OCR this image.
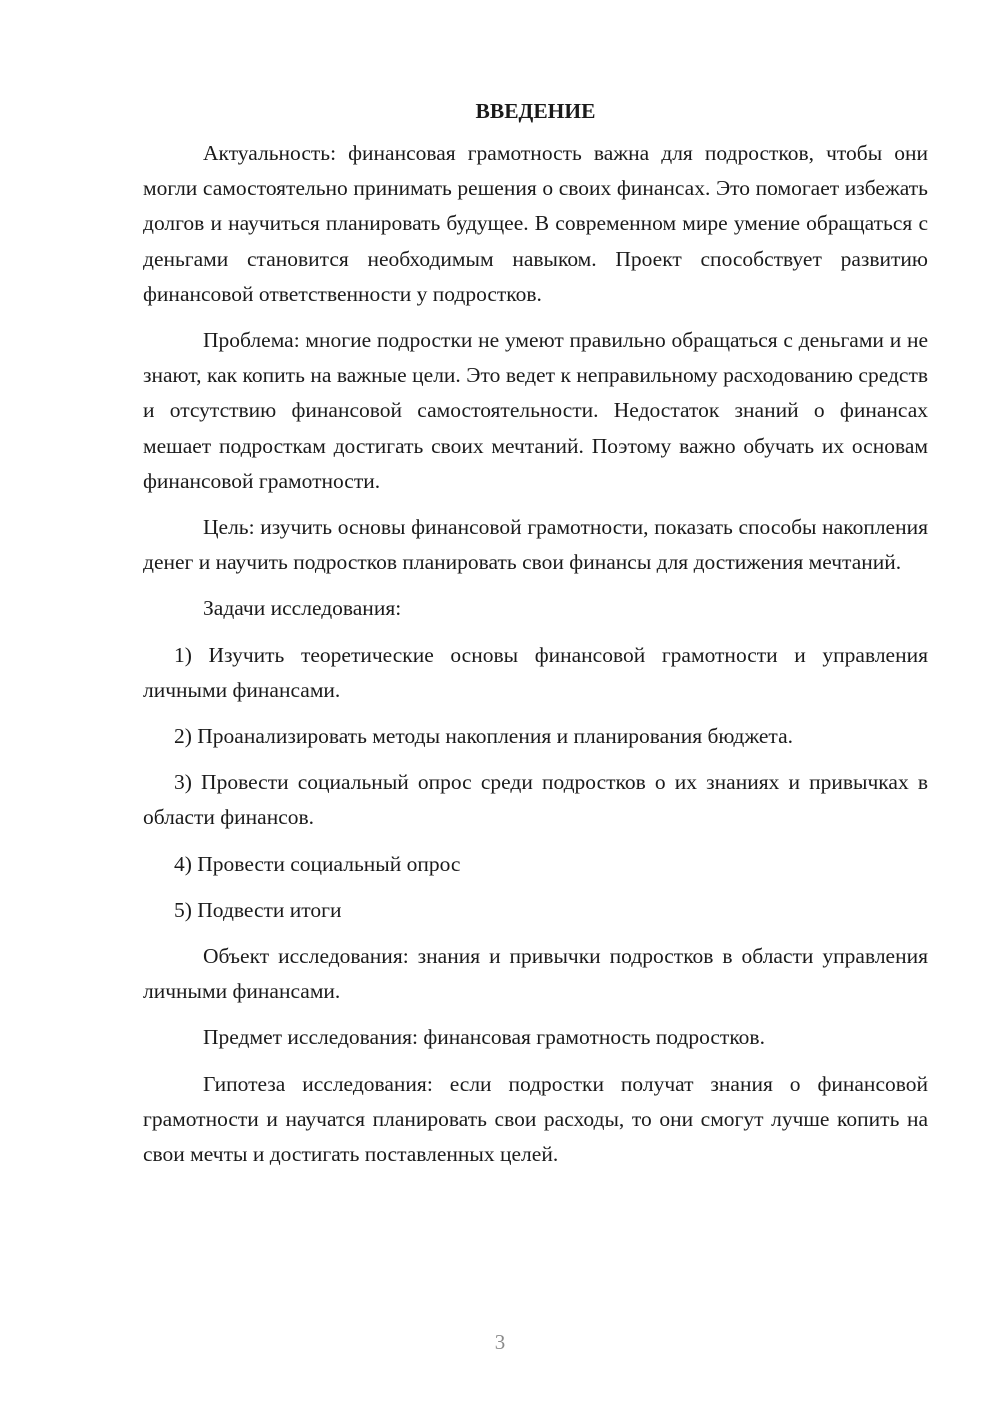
ВВЕДЕНИЕ

Актуальность: финансовая грамотность важна для подростков, чтобы они могли самостоятельно принимать решения о своих финансах. Это помогает избежать долгов и научиться планировать будущее. В современном мире умение обращаться с деньгами становится необходимым навыком. Проект способствует развитию финансовой ответственности у подростков.

Проблема: многие подростки не умеют правильно обращаться с деньгами и не знают, как копить на важные цели. Это ведет к неправильному расходованию средств и отсутствию финансовой самостоятельности. Недостаток знаний о финансах мешает подросткам достигать своих мечтаний. Поэтому важно обучать их основам финансовой грамотности.

Цель: изучить основы финансовой грамотности, показать способы накопления денег и научить подростков планировать свои финансы для достижения мечтаний.

Задачи исследования:

1) Изучить теоретические основы финансовой грамотности и управления личными финансами.

2) Проанализировать методы накопления и планирования бюджета.

3) Провести социальный опрос среди подростков о их знаниях и привычках в области финансов.

4) Провести социальный опрос

5) Подвести итоги

Объект исследования: знания и привычки подростков в области управления личными финансами.

Предмет исследования: финансовая грамотность подростков.

Гипотеза исследования: если подростки получат знания о финансовой грамотности и научатся планировать свои расходы, то они смогут лучше копить на свои мечты и достигать поставленных целей.

3
